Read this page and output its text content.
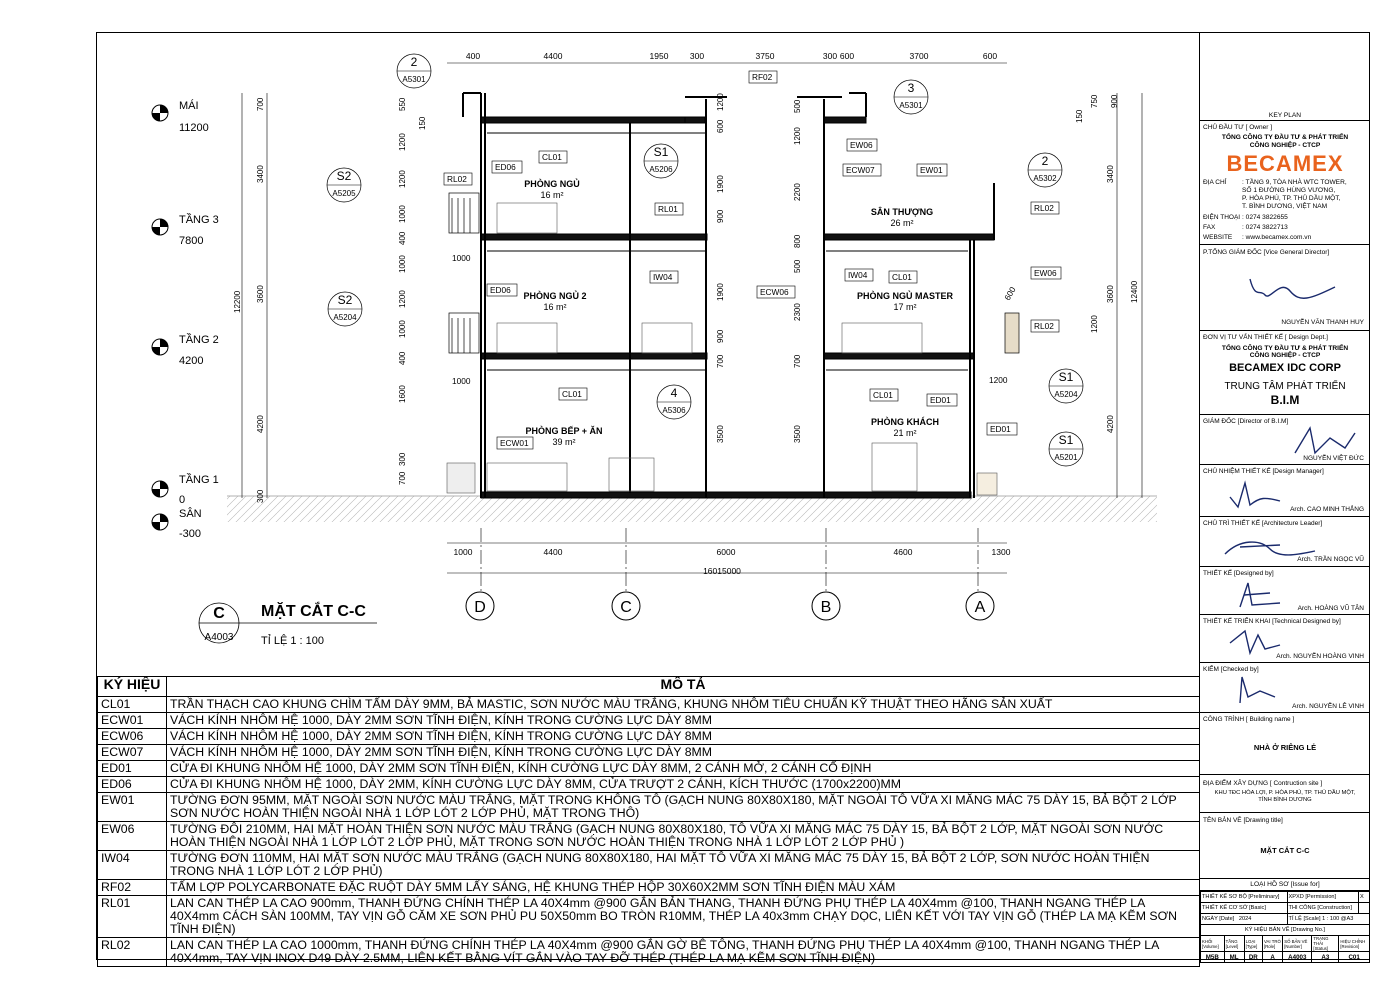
400	4400	1950	300	3750	300 600	3700	600
1000	4400	6000	4600	1300
16015000
D	C	B	A
MÁI
11200
TẦNG 3
7800
TẦNG 2
4200
TẦNG 1
0
SÂN
-300
700	550
150
1200
1200
1000
400
1000
1200
1000
400
1600
300
700
300
3400
3600
4200
12200
3400
3600
4200
12400
1900
900
600
1200
1900
900
700
3500
500
1200
2200
800
500
2300
700
3500
1200
150
750 900
PHÒNG NGỦ
16 m²
PHÒNG NGỦ 2
16 m²
PHÒNG BẾP + ĂN
39 m²
SÂN THƯỢNG
26 m²
PHÒNG NGỦ MASTER
17 m²
PHÒNG KHÁCH
21 m²
CL01
ED06
RL02
RL01
IW04
ED06
CL01
ECW01
RF02
EW06
ECW07	EW01
RL02
IW04	CL01
ECW06
EW06
RL02
CL01	ED01
ED01
1000
1000	1200
600
2
A5301
3
A5301
S1
A5206
S2
A5205
S2
A5204
4
A5306
2
A5302
S1
A5204
S1
A5201
C
A4003
MẶT CẮT C-C
TỈ LỆ 1 : 100
KÝ HIỆU	MÔ TẢ
CL01	TRẦN THẠCH CAO KHUNG CHÌM TẤM DÀY 9MM, BẢ MASTIC, SƠN NƯỚC MÀU TRẮNG, KHUNG NHÔM TIÊU CHUẨN KỸ THUẬT THEO HÃNG SẢN XUẤT
ECW01	VÁCH KÍNH NHÔM HỆ 1000, DÀY 2MM SƠN TĨNH ĐIỆN, KÍNH TRONG CƯỜNG LỰC DÀY 8MM
ECW06	VÁCH KÍNH NHÔM HỆ 1000, DÀY 2MM SƠN TĨNH ĐIỆN, KÍNH TRONG CƯỜNG LỰC DÀY 8MM
ECW07	VÁCH KÍNH NHÔM HỆ 1000, DÀY 2MM SƠN TĨNH ĐIỆN, KÍNH TRONG CƯỜNG LỰC DÀY 8MM
ED01	CỬA ĐI KHUNG NHÔM HỆ 1000, DÀY 2MM SƠN TĨNH ĐIỆN, KÍNH CƯỜNG LỰC DÀY 8MM, 2 CÁNH MỞ, 2 CÁNH CỐ ĐỊNH
ED06	CỬA ĐI KHUNG NHÔM HỆ 1000, DÀY 2MM, KÍNH CƯỜNG LỰC DÀY 8MM, CỬA TRƯỢT 2 CÁNH, KÍCH THƯỚC (1700x2200)MM
EW01	TƯỜNG ĐƠN 95MM, MẶT NGOÀI SƠN NƯỚC MÀU TRẮNG, MẶT TRONG KHÔNG TÔ (GẠCH NUNG 80X80X180, MẶT NGOÀI TÔ VỮA XI MĂNG MÁC 75 DÀY 15, BẢ BỘT 2 LỚP SƠN NƯỚC HOÀN THIỆN NGOÀI NHÀ 1 LỚP LÓT 2 LỚP PHỦ, MẶT TRONG THÔ)
EW06	TƯỜNG ĐÔI 210MM, HAI MẶT HOÀN THIỆN SƠN NƯỚC MÀU TRẮNG (GẠCH NUNG 80X80X180, TÔ VỮA XI MĂNG MÁC 75 DÀY 15, BẢ BỘT 2 LỚP, MẶT NGOÀI SƠN NƯỚC HOÀN THIỆN NGOÀI NHÀ 1 LỚP LÓT 2 LỚP PHỦ, MẶT TRONG SƠN NƯỚC HOÀN THIỆN TRONG NHÀ 1 LỚP LÓT 2 LỚP PHỦ )
IW04	TƯỜNG ĐƠN 110MM, HAI MẶT SƠN NƯỚC MÀU TRẮNG (GẠCH NUNG 80X80X180, HAI MẶT TÔ VỮA XI MĂNG MÁC 75 DÀY 15, BẢ BỘT 2 LỚP, SƠN NƯỚC HOÀN THIỆN TRONG NHÀ 1 LỚP LÓT 2 LỚP PHỦ)
RF02	TẤM LỢP POLYCARBONATE ĐẶC RUỘT DÀY 5MM LẤY SÁNG, HỆ KHUNG THÉP HỘP 30X60X2MM SƠN TĨNH ĐIỆN MÀU XÁM
RL01	LAN CAN THÉP LA CAO 900mm, THANH ĐỨNG CHÍNH THÉP LA 40X4mm @900 GẮN BẢN THANG, THANH ĐỨNG PHỤ THÉP LA 40X4mm @100, THANH NGANG THÉP LA 40X4mm CÁCH SÀN 100MM, TAY VỊN GỖ CĂM XE SƠN PHỦ PU 50X50mm BO TRÒN R10MM, THÉP LA 40x3mm CHẠY DỌC, LIÊN KẾT VỚI TAY VỊN GỖ (THÉP LA MẠ KẼM SƠN TĨNH ĐIỆN)
RL02	LAN CAN THÉP LA CAO 1000mm, THANH ĐỨNG CHÍNH THÉP LA 40X4mm @900 GẮN GỜ BÊ TÔNG, THANH ĐỨNG PHỤ THÉP LA 40X4mm @100, THANH NGANG THÉP LA 40X4mm, TAY VỊN INOX D49 DÀY 2.5MM, LIÊN KẾT BẰNG VÍT GẮN VÀO TAY ĐỠ THÉP (THÉP LA MẠ KẼM SƠN TĨNH ĐIỆN)
KEY PLAN
CHỦ ĐẦU TƯ [ Owner ]
TỔNG CÔNG TY ĐẦU TƯ & PHÁT TRIỂN
CÔNG NGHIỆP - CTCP
BECAMEX
ĐỊA CHỈ : TẦNG 9, TÒA NHÀ WTC TOWER,
SỐ 1 ĐƯỜNG HÙNG VƯƠNG,
P. HÒA PHÚ, TP. THỦ DẦU MỘT,
T. BÌNH DƯƠNG, VIỆT NAM
ĐIỆN THOẠI : 0274 3822655
FAX	: 0274 3822713
WEBSITE : www.becamex.com.vn
P.TỔNG GIÁM ĐỐC [Vice General Director]
NGUYỄN VĂN THANH HUY
ĐƠN VỊ TƯ VẤN THIẾT KẾ [ Design Dept.]
TỔNG CÔNG TY ĐẦU TƯ & PHÁT TRIỂN
CÔNG NGHIỆP - CTCP
BECAMEX IDC CORP
TRUNG TÂM PHÁT TRIỂN
B.I.M
GIÁM ĐỐC [Director of B.I.M]
NGUYỄN VIỆT ĐỨC
CHỦ NHIỆM THIẾT KẾ [Design Manager]
Arch. CAO MINH THẮNG
CHỦ TRÌ THIẾT KẾ [Architecture Leader]
Arch. TRẦN NGỌC VŨ
THIẾT KẾ [Designed by]
Arch. HOÀNG VŨ TÂN
THIẾT KẾ TRIỂN KHAI [Technical Designed by]
Arch. NGUYỄN HOÀNG VINH
KIỂM [Checked by]
Arch. NGUYỄN LÊ VINH
CÔNG TRÌNH [ Building name ]
NHÀ Ở RIÊNG LẺ
ĐỊA ĐIỂM XÂY DỰNG [ Contruction site ]
KHU TĐC HÒA LỢI, P. HÒA PHÚ, TP. THỦ DẦU MỘT,
TỈNH BÌNH DƯƠNG
TÊN BẢN VẼ [Drawing title]
MẶT CẮT C-C
LOẠI HỒ SƠ [Issue for]
THIẾT KẾ SƠ BỘ [Preliminary]	XPXD [Permission]	X
THIẾT KẾ CƠ SỞ [Basic]	THI CÔNG [Construction]	
NGÀY [Date] 2024	TỈ LỆ [Scale] 1 : 100 @A3	
KÝ HIỆU BẢN VẼ [Drawing No.]		
KHỐI [Volume]	TẦNG [Level]	LOẠI [Type]	VAI TRÒ [Role]	SỐ BẢN VẼ [Number]	TRẠNG THÁI [Status]	HIỆU CHỈNH [Revision]
M5B	ML	DR	A	A4003	A3	C01
